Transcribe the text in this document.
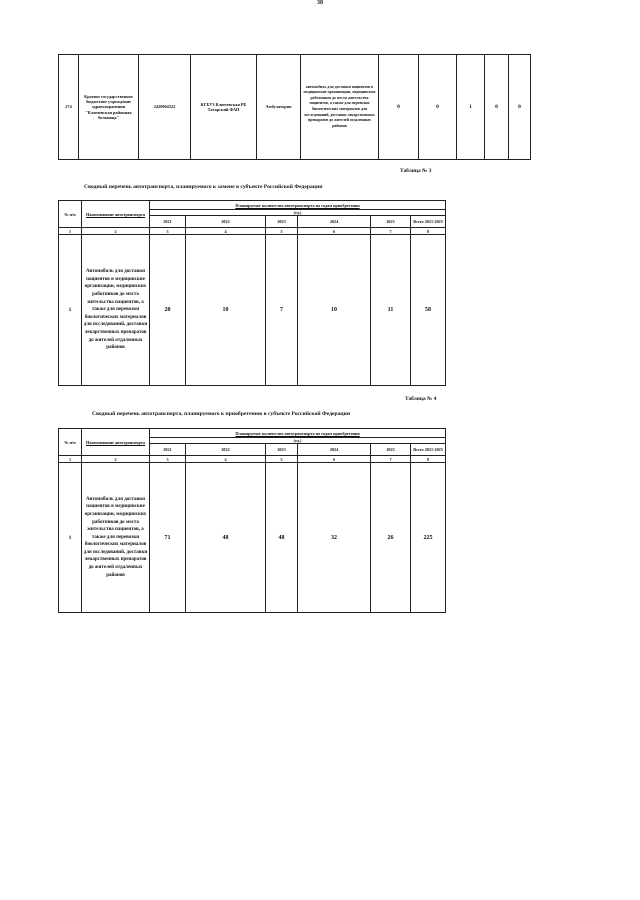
38
274	Краевое государственное бюджетное учреждение здравоохранения "Ключевская районная больница"	2420004322	КГБУЗ Ключевская РБ Татарский ФАП	Амбулатория	автомобиль для доставки пациентов в медицинские организации, медицинских работников до места жительства пациентов, а также для перевозки биологических материалов для исследований, доставки лекарственных препаратов до жителей отдаленных районов	0	0	1	0	0
Таблица № 3
Сводный перечень автотранспорта, планируемого к замене в субъекте Российской Федерации
№ п/п	Наименование автотранспорта	Планируемое количество автотранспорта по годам приобретения					
		(ед.)					
		2021	2022	2023	2024	2025	Всего 2021-2025
1	2	3	4	5	6	7	8
1	Автомобиль для доставки пациентов в медицинские организации, медицинских работников до места жительства пациентов, а также для перевозки биологических материалов для исследований, доставки лекарственных препаратов до жителей отдаленных районов	20	10	7	10	11	58
Таблица № 4
Сводный перечень автотранспорта, планируемого к приобретению в субъекте Российской Федерации
№ п/п	Наименование автотранспорта	Планируемое количество автотранспорта по годам приобретения					
		(ед.)					
		2021	2022	2023	2024	2025	Всего 2021-2025
1	2	3	4	5	6	7	8
1	Автомобиль для доставки пациентов в медицинские организации, медицинских работников до места жительства пациентов, а также для перевозки биологических материалов для исследований, доставки лекарственных препаратов до жителей отдаленных районов	71	48	48	32	26	225
